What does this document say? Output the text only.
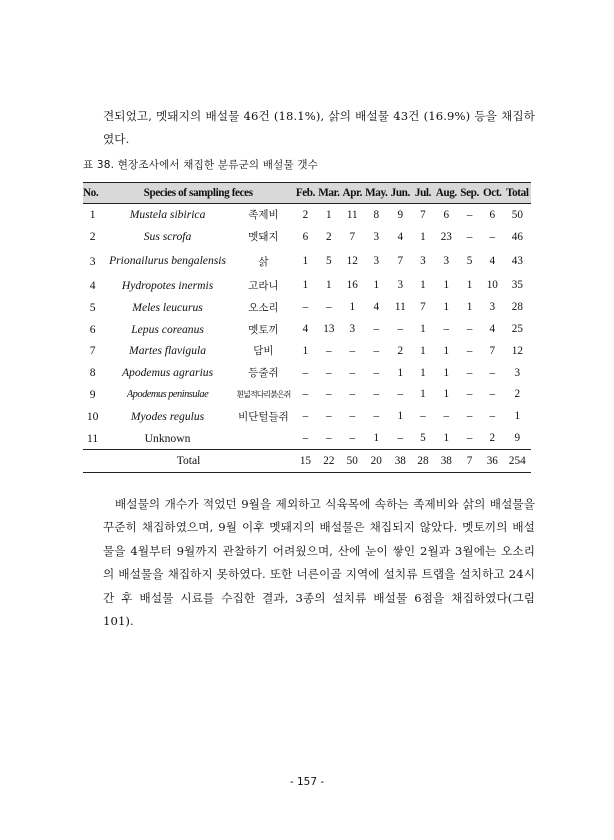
견되었고, 멧돼지의 배설물 46건 (18.1%), 삵의 배설물 43건 (16.9%) 등을 채집하였다.

표 38. 현장조사에서 채집한 분류군의 배설물 갯수
No.	Species of sampling feces		Feb.	Mar.	Apr.	May.	Jun.	Jul.	Aug.	Sep.	Oct.	Total
1	Mustela sibirica	족제비	2	1	11	8	9	7	6	–	6	50
2	Sus scrofa	멧돼지	6	2	7	3	4	1	23	–	–	46
3	Prionailurus bengalensis	삵	1	5	12	3	7	3	3	5	4	43
4	Hydropotes inermis	고라니	1	1	16	1	3	1	1	1	10	35
5	Meles leucurus	오소리	–	–	1	4	11	7	1	1	3	28
6	Lepus coreanus	멧토끼	4	13	3	–	–	1	–	–	4	25
7	Martes flavigula	담비	1	–	–	–	2	1	1	–	7	12
8	Apodemus agrarius	등줄쥐	–	–	–	–	1	1	1	–	–	3
9	Apodemus peninsulae	흰넓적다리붉은쥐	–	–	–	–	–	1	1	–	–	2
10	Myodes regulus	비단털들쥐	–	–	–	–	1	–	–	–	–	1
11	Unknown		–	–	–	1	–	5	1	–	2	9
Total			15	22	50	20	38	28	38	7	36	254

배설물의 개수가 적었던 9월을 제외하고 식육목에 속하는 족제비와 삵의 배설물을 꾸준히 채집하였으며, 9월 이후 멧돼지의 배설물은 채집되지 않았다. 멧토끼의 배설물을 4월부터 9월까지 관찰하기 어려웠으며, 산에 눈이 쌓인 2월과 3월에는 오소리의 배설물을 채집하지 못하였다. 또한 너른이골 지역에 설치류 트랩을 설치하고 24시간 후 배설물 시료를 수집한 결과, 3종의 설치류 배설물 6점을 채집하였다(그림 101).

- 157 -
